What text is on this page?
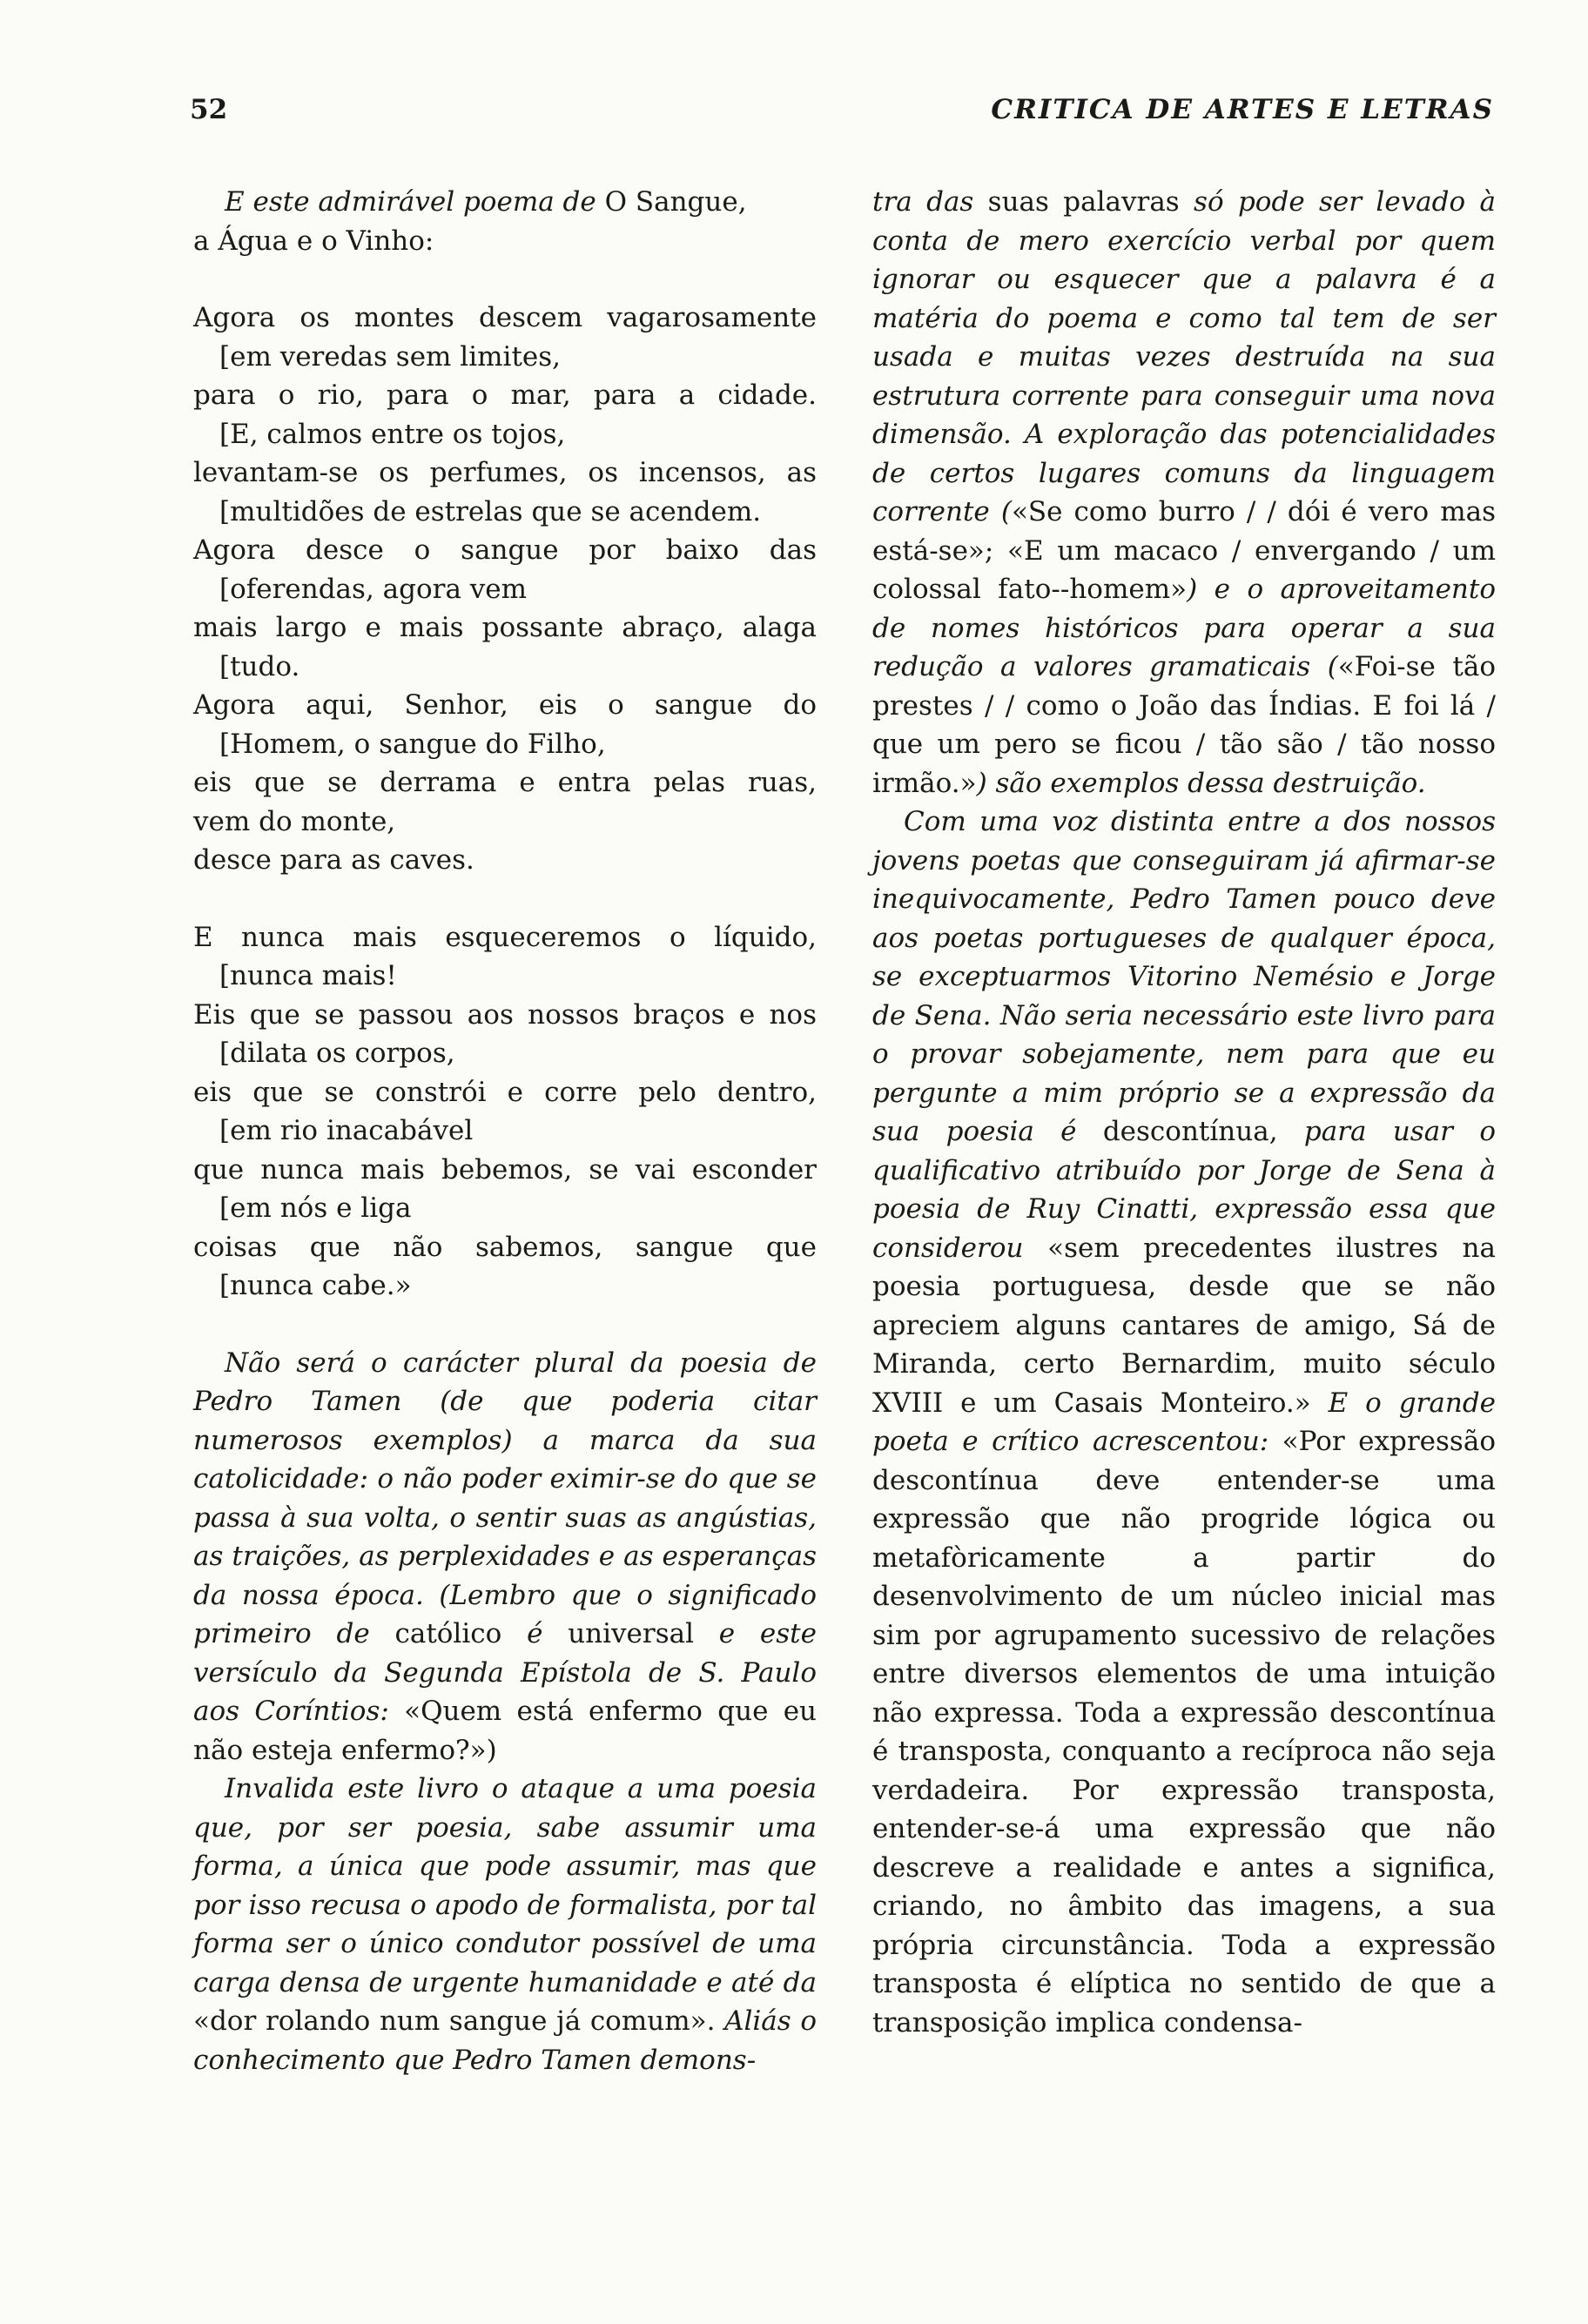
52	CRITICA DE ARTES E LETRAS

E este admirável poema de O Sangue,
a Água e o Vinho:

Agora os montes descem vagarosamente
[em veredas sem limites,
para o rio, para o mar, para a cidade.
[E, calmos entre os tojos,
levantam-se os perfumes, os incensos, as
[multidões de estrelas que se acendem.
Agora desce o sangue por baixo das
[oferendas, agora vem
mais largo e mais possante abraço, alaga
[tudo.
Agora aqui, Senhor, eis o sangue do
[Homem, o sangue do Filho,
eis que se derrama e entra pelas ruas,
vem do monte,
desce para as caves.
E nunca mais esqueceremos o líquido,
[nunca mais!
Eis que se passou aos nossos braços e nos
[dilata os corpos,
eis que se constrói e corre pelo dentro,
[em rio inacabável
que nunca mais bebemos, se vai esconder
[em nós e liga
coisas que não sabemos, sangue que
[nunca cabe.»

Não será o carácter plural da poesia de Pedro Tamen (de que poderia citar numerosos exemplos) a marca da sua catolicidade: o não poder eximir-se do que se passa à sua volta, o sentir suas as angústias, as traições, as perplexidades e as esperanças da nossa época. (Lembro que o significado primeiro de católico é universal e este versículo da Segunda Epístola de S. Paulo aos Coríntios: «Quem está enfermo que eu não esteja enfermo?»)

Invalida este livro o ataque a uma poesia que, por ser poesia, sabe assumir uma forma, a única que pode assumir, mas que por isso recusa o apodo de formalista, por tal forma ser o único condutor possível de uma carga densa de urgente humanidade e até da «dor rolando num sangue já comum». Aliás o conhecimento que Pedro Tamen demons-

tra das suas palavras só pode ser levado à conta de mero exercício verbal por quem ignorar ou esquecer que a palavra é a matéria do poema e como tal tem de ser usada e muitas vezes destruída na sua estrutura corrente para conseguir uma nova dimensão. A exploração das potencialidades de certos lugares comuns da linguagem corrente («Se como burro / / dói é vero mas está-se»; «E um macaco / envergando / um colossal fato--homem») e o aproveitamento de nomes históricos para operar a sua redução a valores gramaticais («Foi-se tão prestes / / como o João das Índias. E foi lá / que um pero se ficou / tão são / tão nosso irmão.») são exemplos dessa destruição.

Com uma voz distinta entre a dos nossos jovens poetas que conseguiram já afirmar-se inequivocamente, Pedro Tamen pouco deve aos poetas portugueses de qualquer época, se exceptuarmos Vitorino Nemésio e Jorge de Sena. Não seria necessário este livro para o provar sobejamente, nem para que eu pergunte a mim próprio se a expressão da sua poesia é descontínua, para usar o qualificativo atribuído por Jorge de Sena à poesia de Ruy Cinatti, expressão essa que considerou «sem precedentes ilustres na poesia portuguesa, desde que se não apreciem alguns cantares de amigo, Sá de Miranda, certo Bernardim, muito século XVIII e um Casais Monteiro.» E o grande poeta e crítico acrescentou: «Por expressão descontínua deve entender-se uma expressão que não progride lógica ou metafòricamente a partir do desenvolvimento de um núcleo inicial mas sim por agrupamento sucessivo de relações entre diversos elementos de uma intuição não expressa. Toda a expressão descontínua é transposta, conquanto a recíproca não seja verdadeira. Por expressão transposta, entender-se-á uma expressão que não descreve a realidade e antes a significa, criando, no âmbito das imagens, a sua própria circunstância. Toda a expressão transposta é elíptica no sentido de que a transposição implica condensa-
